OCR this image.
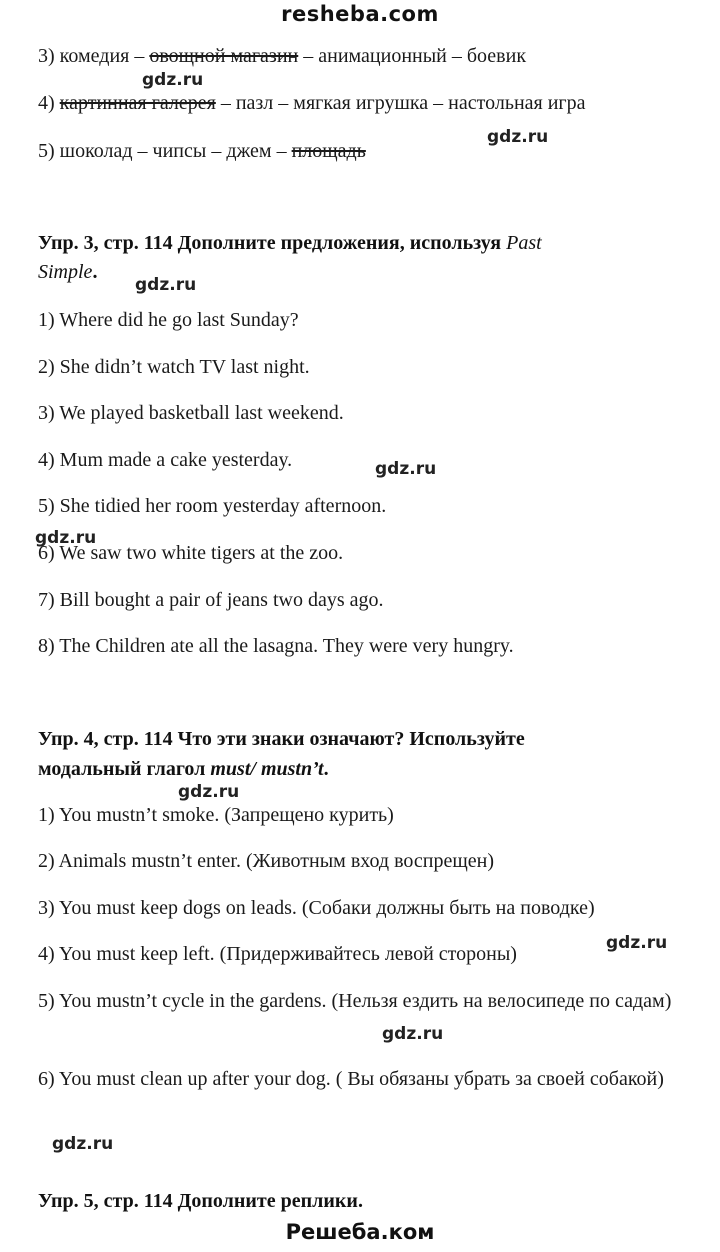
resheba.com
3) комедия – овощной магазин – анимационный – боевик
4) картинная галерея – пазл – мягкая игрушка – настольная игра
5) шоколад – чипсы – джем – площадь
Упр. 3, стр. 114 Дополните предложения, используя Past
Simple.
1) Where did he go last Sunday?
2) She didn’t watch TV last night.
3) We played basketball last weekend.
4) Mum made a cake yesterday.
5) She tidied her room yesterday afternoon.
6) We saw two white tigers at the zoo.
7) Bill bought a pair of jeans two days ago.
8) The Children ate all the lasagna. They were very hungry.
Упр. 4, стр. 114 Что эти знаки означают? Используйте
модальный глагол must/ mustn’t.
1) You mustn’t smoke. (Запрещено курить)
2) Animals mustn’t enter. (Животным вход воспрещен)
3) You must keep dogs on leads. (Собаки должны быть на поводке)
4) You must keep left. (Придерживайтесь левой стороны)
5) You mustn’t cycle in the gardens. (Нельзя ездить на велосипеде по садам)
6) You must clean up after your dog. ( Вы обязаны убрать за своей собакой)
Упр. 5, стр. 114 Дополните реплики.
gdz.ru
gdz.ru
gdz.ru
gdz.ru
gdz.ru
gdz.ru
gdz.ru
gdz.ru
gdz.ru
Решеба.ком
